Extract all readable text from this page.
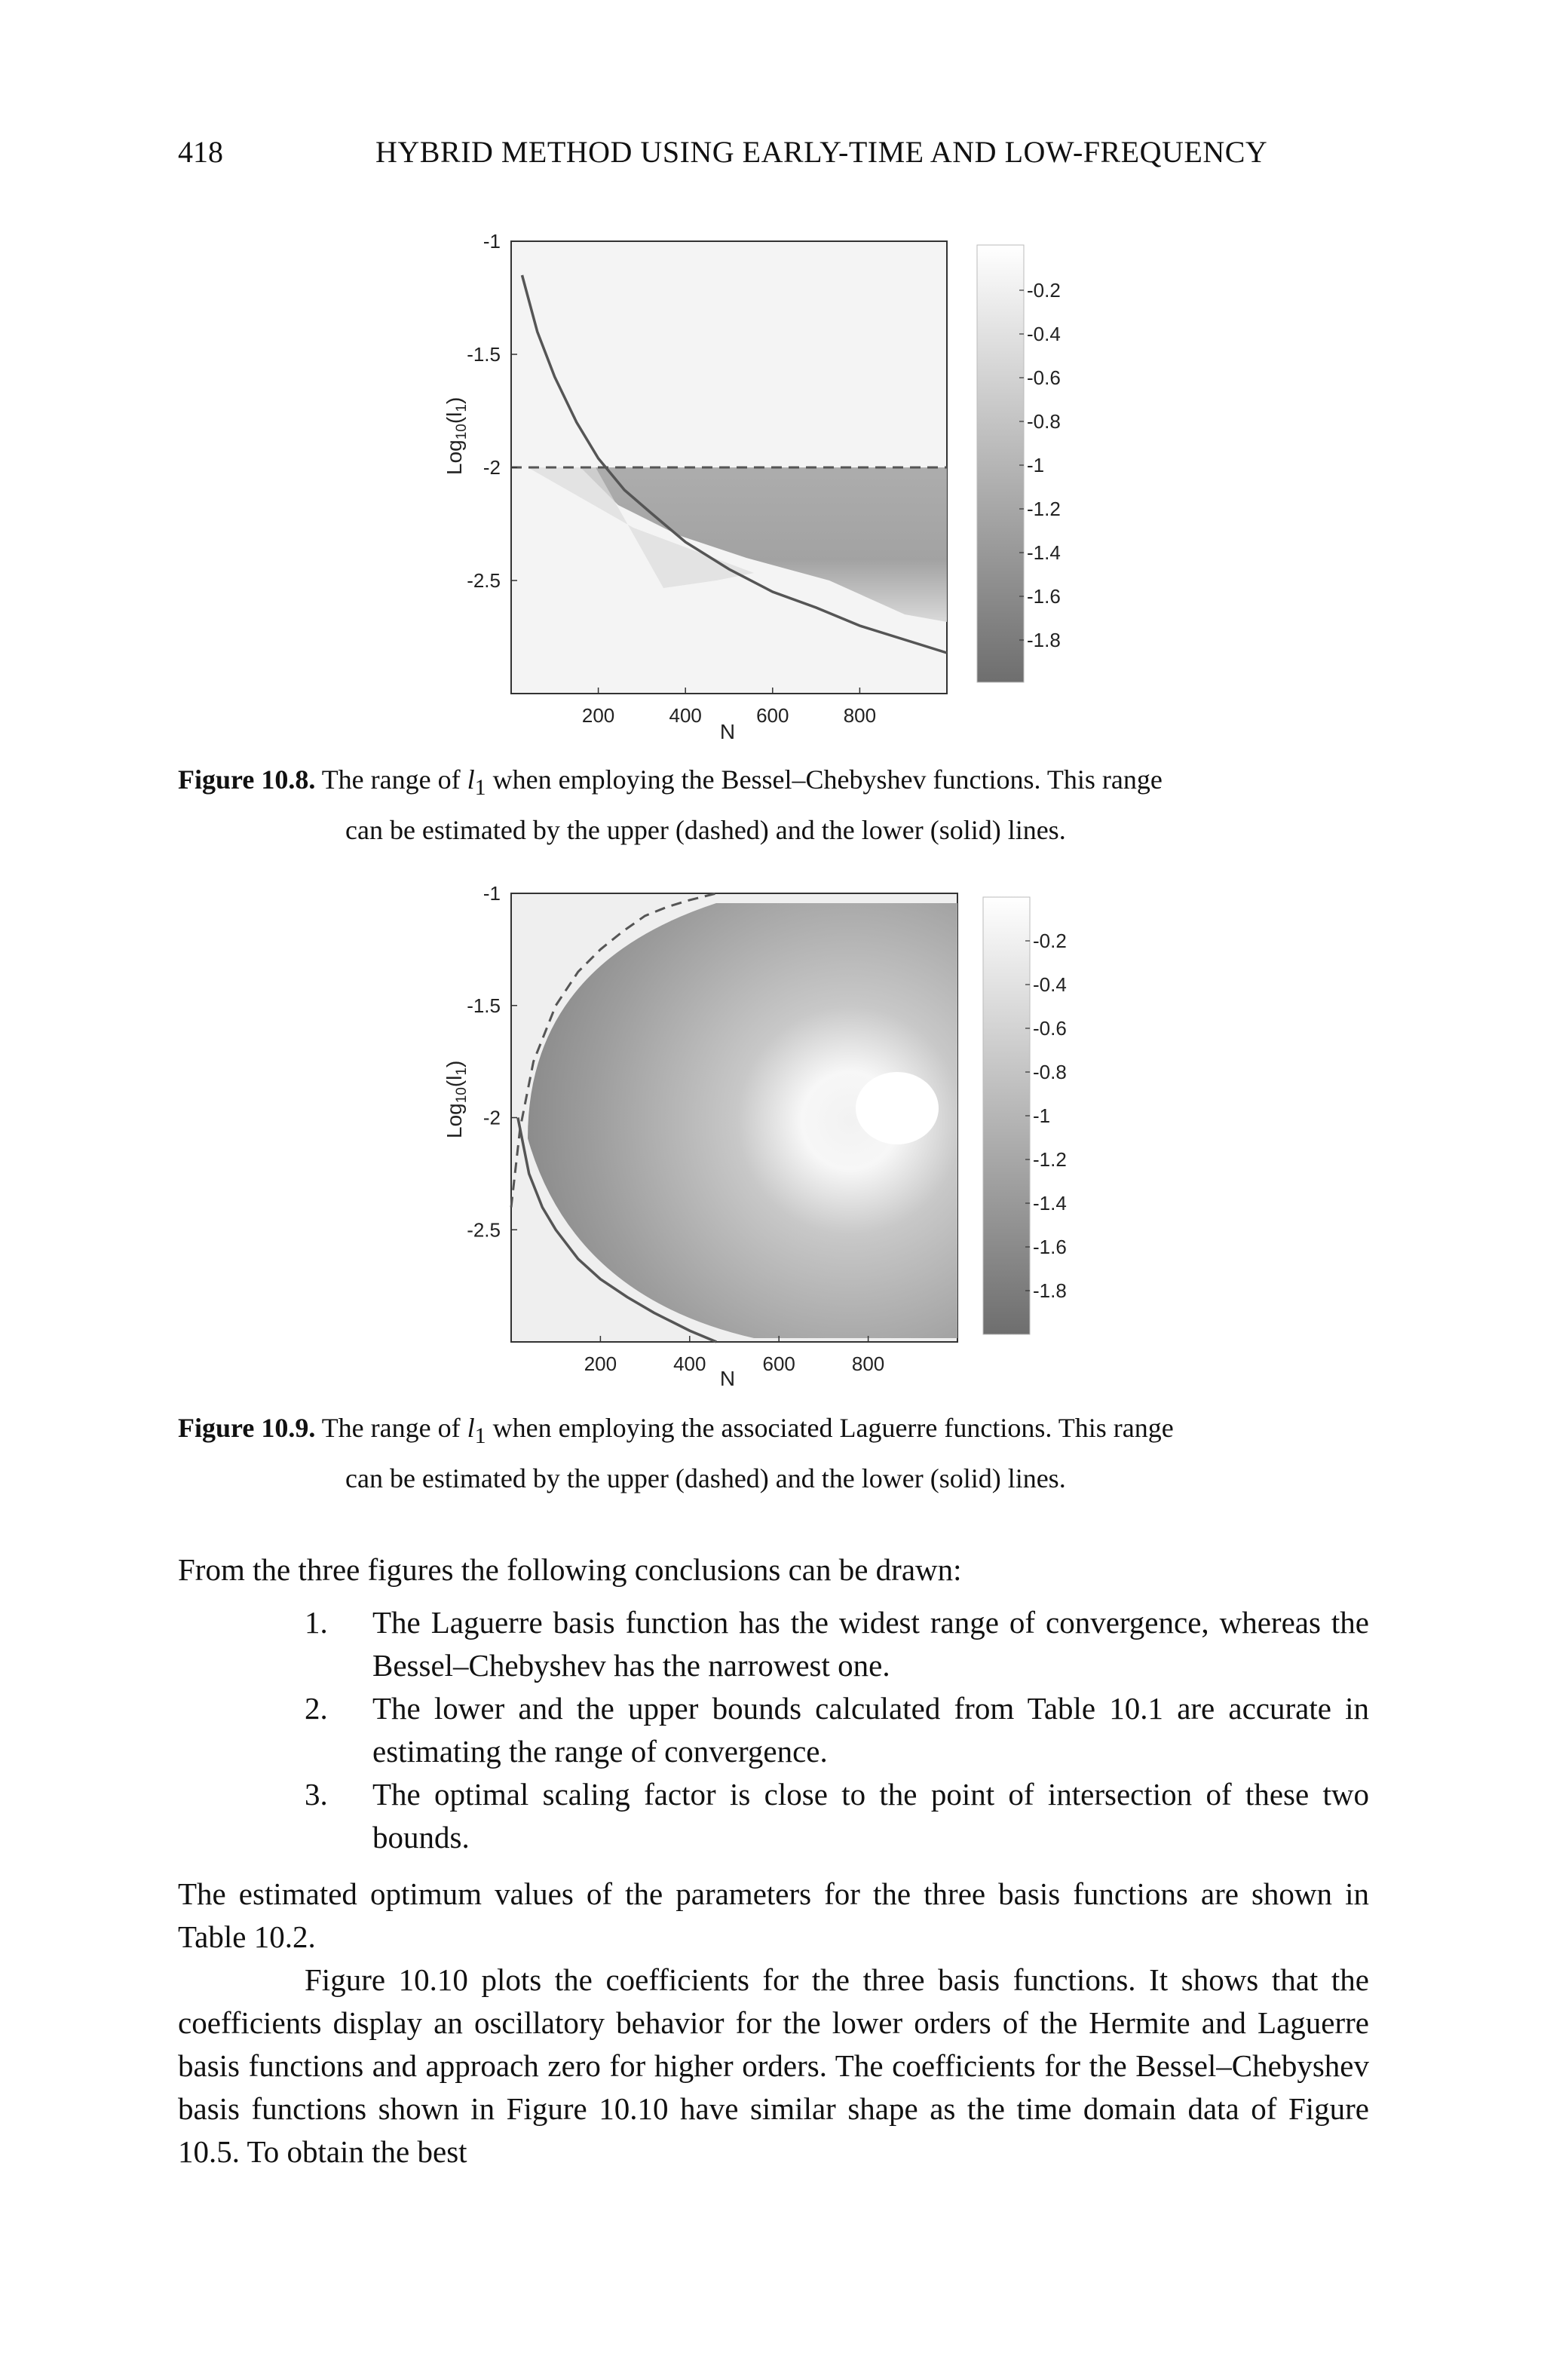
418	HYBRID METHOD USING EARLY-TIME AND LOW-FREQUENCY
-0.2
-0.4
-0.6
-0.8
-1
-1.2
-1.4
-1.6
-1.8
200	400	600	800
-1
-1.5
-2
-2.5
$Log_{10}(l_1)$
N
Figure 10.8. The range of $l_1$ when employing the Bessel–Chebyshev functions. This range
can be estimated by the upper (dashed) and the lower (solid) lines.
-0.2
-0.4
-0.6
-0.8
-1
-1.2
-1.4
-1.6
-1.8
200	400	600	800
-1
-1.5
-2
-2.5
$Log_{10}(l_1)$
N
Figure 10.9. The range of $l_1$ when employing the associated Laguerre functions. This range
can be estimated by the upper (dashed) and the lower (solid) lines.
From the three figures the following conclusions can be drawn:
1. The Laguerre basis function has the widest range of convergence, whereas the Bessel–Chebyshev has the narrowest one.
2. The lower and the upper bounds calculated from Table 10.1 are accurate in estimating the range of convergence.
3. The optimal scaling factor is close to the point of intersection of these two bounds.
The estimated optimum values of the parameters for the three basis functions are shown in Table 10.2.
Figure 10.10 plots the coefficients for the three basis functions. It shows that the coefficients display an oscillatory behavior for the lower orders of the Hermite and Laguerre basis functions and approach zero for higher orders. The coefficients for the Bessel–Chebyshev basis functions shown in Figure 10.10 have similar shape as the time domain data of Figure 10.5. To obtain the best
